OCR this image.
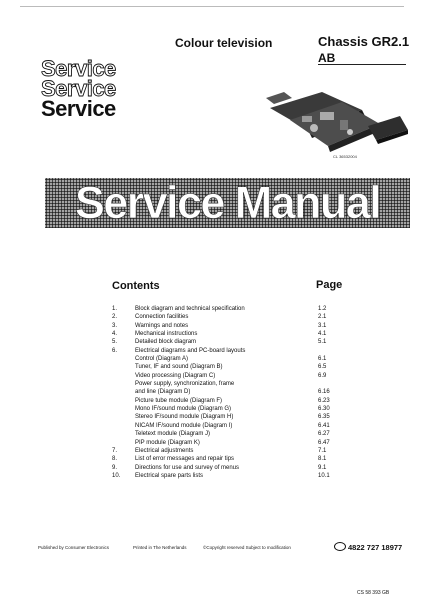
Colour television	Chassis GR2.1
AB
Service
Service
Service
CL 36532004
Service Manual
Contents	Page
1.	Block diagram and technical specification	1.2
2.	Connection facilities	2.1
3.	Warnings and notes	3.1
4.	Mechanical instructions	4.1
5.	Detailed block diagram	5.1
6.	Electrical diagrams and PC-board layouts
Control (Diagram A)	6.1
Tuner, IF and sound (Diagram B)	6.5
Video processing (Diagram C)	6.9
Power supply, synchronization, frame
and line (Diagram D)	6.16
Picture tube module (Diagram F)	6.23
Mono IF/sound module (Diagram G)	6.30
Stereo IF/sound module (Diagram H)	6.35
NICAM IF/sound module (Diagram I)	6.41
Teletext module (Diagram J)	6.27
PIP module (Diagram K)	6.47
7.	Electrical adjustments	7.1
8.	List of error messages and repair tips	8.1
9.	Directions for use and survey of menus	9.1
10. Electrical spare parts lists	10.1
Published by Consumer Electronics	Printed in The Netherlands	©Copyright reserved Subject to modification	4822 727 18977
CS 58 393 GB
